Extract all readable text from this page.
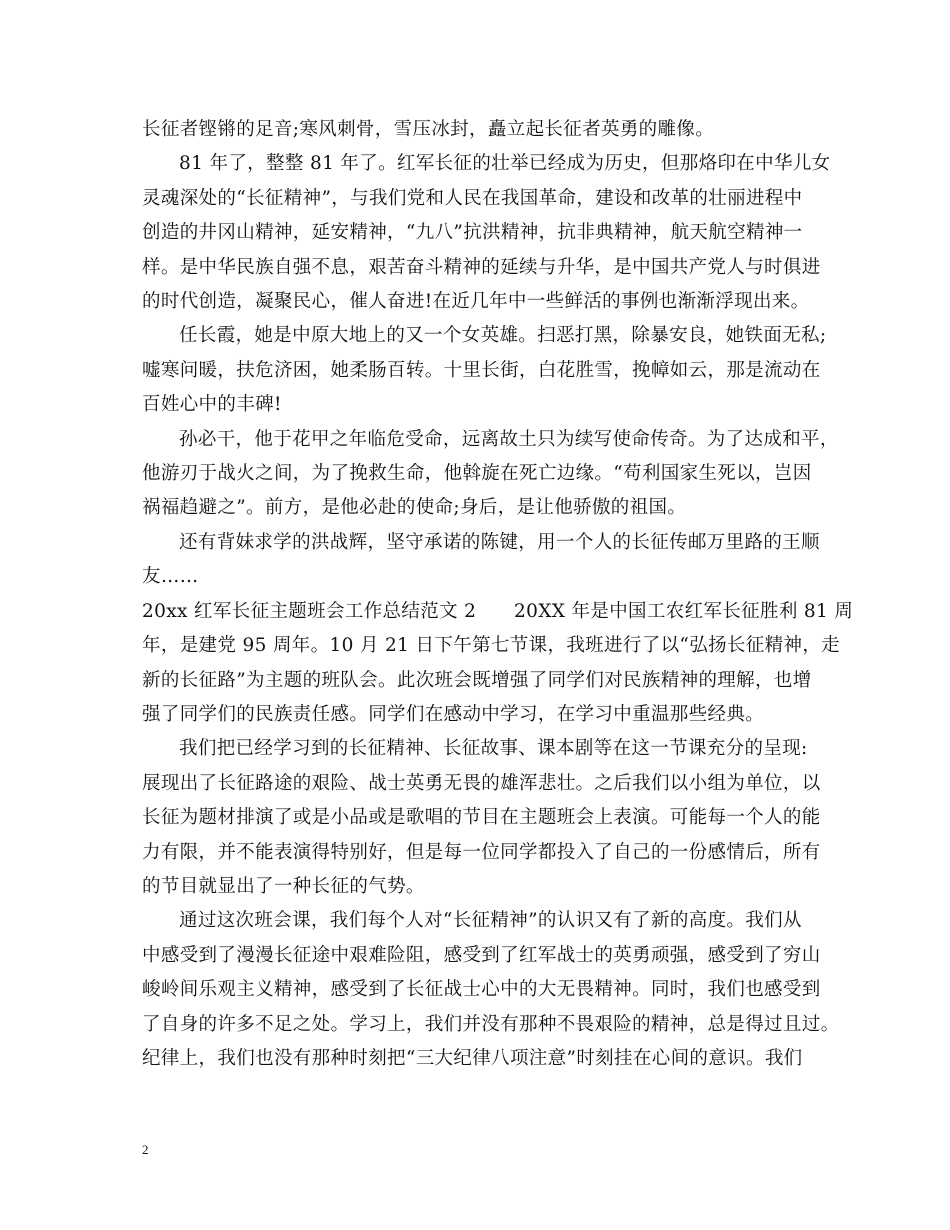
长征者铿锵的足音;寒风刺骨，雪压冰封，矗立起长征者英勇的雕像。

81 年了，整整 81 年了。红军长征的壮举已经成为历史，但那烙印在中华儿女
灵魂深处的“长征精神”，与我们党和人民在我国革命，建设和改革的壮丽进程中
创造的井冈山精神，延安精神，“九八”抗洪精神，抗非典精神，航天航空精神一
样。是中华民族自强不息，艰苦奋斗精神的延续与升华，是中国共产党人与时俱进
的时代创造，凝聚民心，催人奋进!在近几年中一些鲜活的事例也渐渐浮现出来。

任长霞，她是中原大地上的又一个女英雄。扫恶打黑，除暴安良，她铁面无私;
嘘寒问暖，扶危济困，她柔肠百转。十里长街，白花胜雪，挽幛如云，那是流动在
百姓心中的丰碑!

孙必干，他于花甲之年临危受命，远离故土只为续写使命传奇。为了达成和平，
他游刃于战火之间，为了挽救生命，他斡旋在死亡边缘。“苟利国家生死以，岂因
祸福趋避之”。前方，是他必赴的使命;身后，是让他骄傲的祖国。

还有背妹求学的洪战辉，坚守承诺的陈键，用一个人的长征传邮万里路的王顺
友……

20xx 红军长征主题班会工作总结范文 2　　20XX 年是中国工农红军长征胜利 81 周
年，是建党 95 周年。10 月 21 日下午第七节课，我班进行了以“弘扬长征精神，走
新的长征路”为主题的班队会。此次班会既增强了同学们对民族精神的理解，也增
强了同学们的民族责任感。同学们在感动中学习，在学习中重温那些经典。

我们把已经学习到的长征精神、长征故事、课本剧等在这一节课充分的呈现:
展现出了长征路途的艰险、战士英勇无畏的雄浑悲壮。之后我们以小组为单位，以
长征为题材排演了或是小品或是歌唱的节目在主题班会上表演。可能每一个人的能
力有限，并不能表演得特别好，但是每一位同学都投入了自己的一份感情后，所有
的节目就显出了一种长征的气势。

通过这次班会课，我们每个人对“长征精神”的认识又有了新的高度。我们从
中感受到了漫漫长征途中艰难险阻，感受到了红军战士的英勇顽强，感受到了穷山
峻岭间乐观主义精神，感受到了长征战士心中的大无畏精神。同时，我们也感受到
了自身的许多不足之处。学习上，我们并没有那种不畏艰险的精神，总是得过且过。
纪律上，我们也没有那种时刻把“三大纪律八项注意”时刻挂在心间的意识。我们

2
